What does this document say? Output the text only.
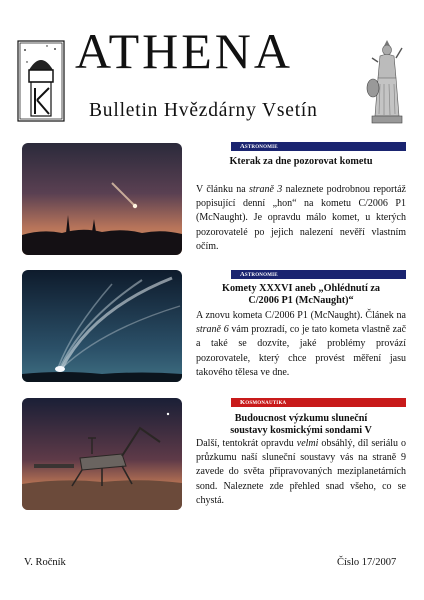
ATHENA
Bulletin Hvězdárny Vsetín
Astronomie
Kterak za dne pozorovat kometu
V článku na straně 3 naleznete podrobnou reportáž popisující denní „hon“ na kometu C/2006 P1 (McNaught). Je opravdu málo komet, u kterých pozorovatelé po jejich nalezení nevěří vlastním očím.
Astronomie
Komety XXXVI aneb „Ohlédnutí za
C/2006 P1 (McNaught)“
A znovu kometa C/2006 P1 (McNaught). Článek na straně 6 vám prozradí, co je tato kometa vlastně zač a také se dozvíte, jaké problémy provází pozorovatele, který chce provést měření jasu takového tělesa ve dne.
Kosmonautika
Budoucnost výzkumu sluneční
soustavy kosmickými sondami V
Další, tentokrát opravdu velmi obsáhlý, díl seriálu o průzkumu naší sluneční soustavy vás na straně 9 zavede do světa připravovaných meziplanetárních sond. Naleznete zde přehled snad všeho, co se chystá.
V. Ročník	Číslo 17/2007
